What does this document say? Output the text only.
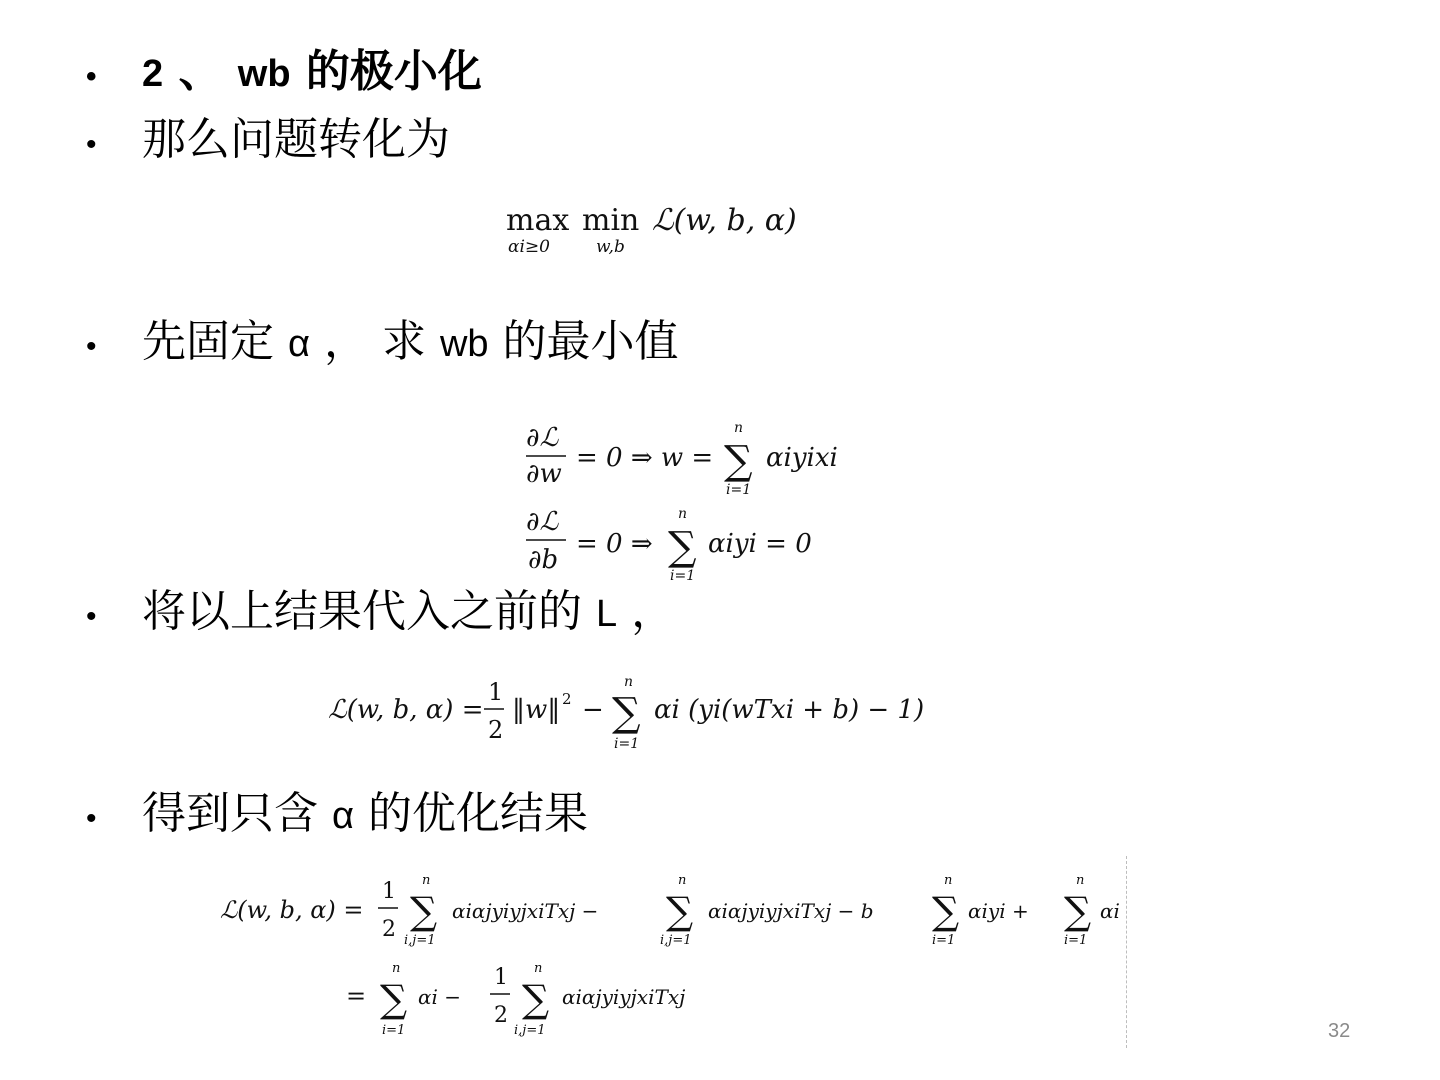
•	2 、 wb 的极小化
•	那么问题转化为
max
αi≥0
min
w,b
ℒ(w, b, α)
•	先固定 α ， 求 wb 的最小值
∂ℒ
∂w
= 0 ⇒ w =
n
∑
i=1
αiyixi
∂ℒ
∂b
= 0 ⇒
n
∑
i=1
αiyi = 0
•	将以上结果代入之前的 L ，
ℒ(w, b, α) =
1
2
‖w‖ 2 −
n
∑
i=1
αi (yi(wTxi + b) − 1)
•	得到只含 α 的优化结果
ℒ(w, b, α) =
1
2
n
∑
i,j=1
αiαjyiyjxiTxj −
n
∑
i,j=1
αiαjyiyjxiTxj − b
n
∑
i=1
αiyi +
n
∑
i=1
αi
=
n
∑
i=1
αi −
1
2
n
∑
i,j=1
αiαjyiyjxiTxj
32
